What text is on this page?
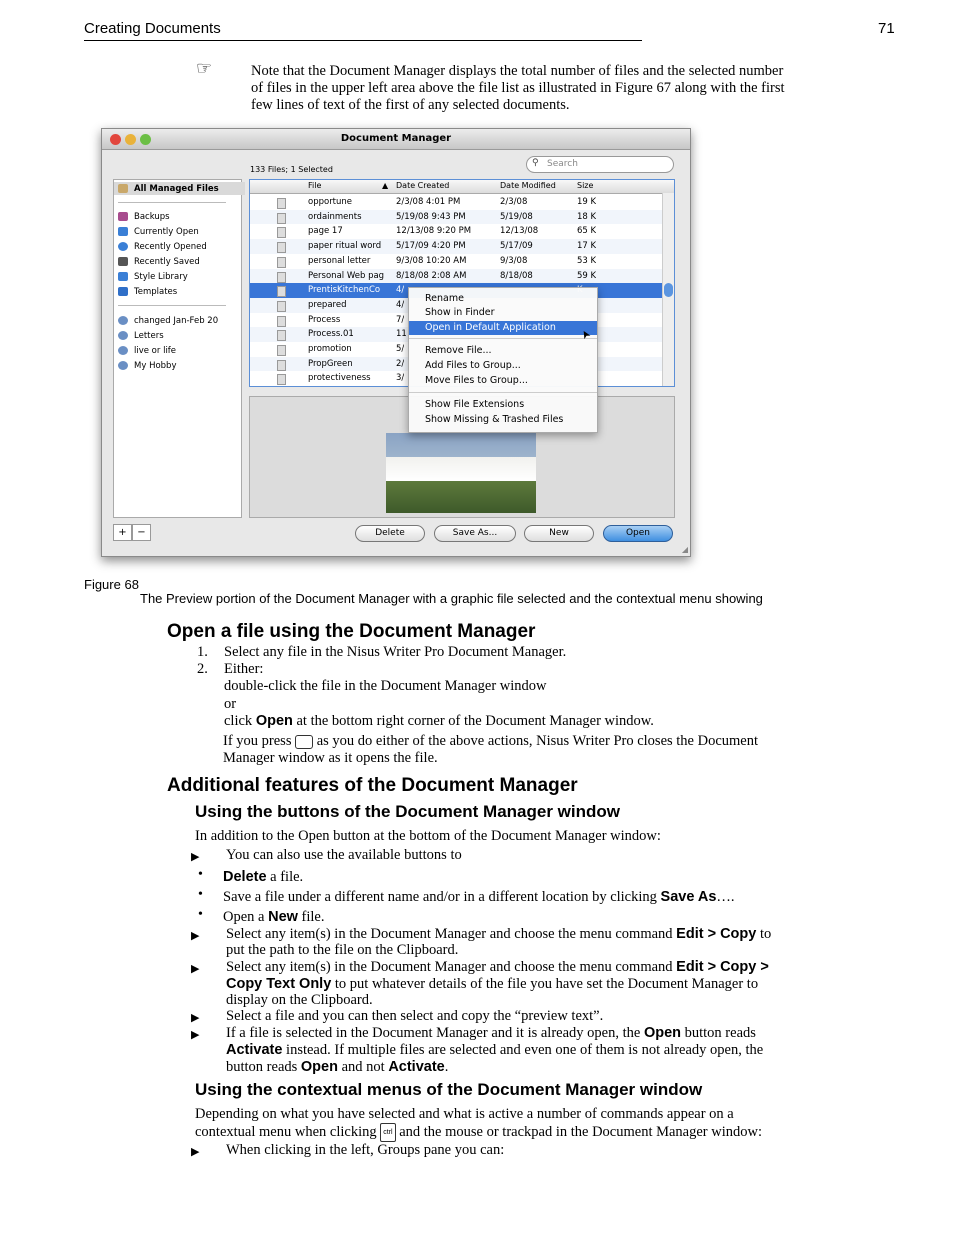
Creating Documents	71
☞	Note that the Document Manager displays the total number of files and the selected number
of files in the upper left area above the file list as illustrated in Figure 67 along with the first
few lines of text of the first of any selected documents.
Document Manager
⚲ Search
133 Files; 1 Selected
All Managed Files
Backups
Currently Open
Recently Opened
Recently Saved
Style Library
Templates
changed Jan-Feb 20
Letters
live or life
My Hobby
File	▲ Date Created	Date Modified	Size
opportune	2/3/08 4:01 PM	2/3/08	19 K
ordainments	5/19/08 9:43 PM	5/19/08	18 K
page 17	12/13/08 9:20 PM	12/13/08	65 K
paper ritual word	5/17/09 4:20 PM	5/17/09	17 K
personal letter	9/3/08 10:20 AM	9/3/08	53 K
Personal Web pag	8/18/08 2:08 AM	8/18/08	59 K
PrentisKitchenCo	4/
prepared	4/
Process	7/
Process.01	11
promotion	5/
PropGreen	2/
protectiveness	3/
Rename
Show in Finder
Open in Default Application
Remove File...
Add Files to Group...
Move Files to Group...
Show File Extensions
Show Missing & Trashed Files
➤
+	−	Delete	Save As...	New	Open
◢
Figure 68
The Preview portion of the Document Manager with a graphic file selected and the contextual menu showing
Open a file using the Document Manager
1. Select any file in the Nisus Writer Pro Document Manager.
2. Either:
double-click the file in the Document Manager window
or
click Open at the bottom right corner of the Document Manager window.
If you press as you do either of the above actions, Nisus Writer Pro closes the Document
Manager window as it opens the file.
Additional features of the Document Manager
Using the buttons of the Document Manager window
In addition to the Open button at the bottom of the Document Manager window:
▶ You can also use the available buttons to
• Delete a file.
• Save a file under a different name and/or in a different location by clicking Save As….
• Open a New file.
▶ Select any item(s) in the Document Manager and choose the menu command Edit > Copy to
put the path to the file on the Clipboard.
▶ Select any item(s) in the Document Manager and choose the menu command Edit > Copy >
Copy Text Only to put whatever details of the file you have set the Document Manager to
display on the Clipboard.
▶ Select a file and you can then select and copy the “preview text”.
▶ If a file is selected in the Document Manager and it is already open, the Open button reads
Activate instead. If multiple files are selected and even one of them is not already open, the
button reads Open and not Activate.
Using the contextual menus of the Document Manager window
Depending on what you have selected and what is active a number of commands appear on a
contextual menu when clicking ctrl and the mouse or trackpad in the Document Manager window:
▶ When clicking in the left, Groups pane you can:
